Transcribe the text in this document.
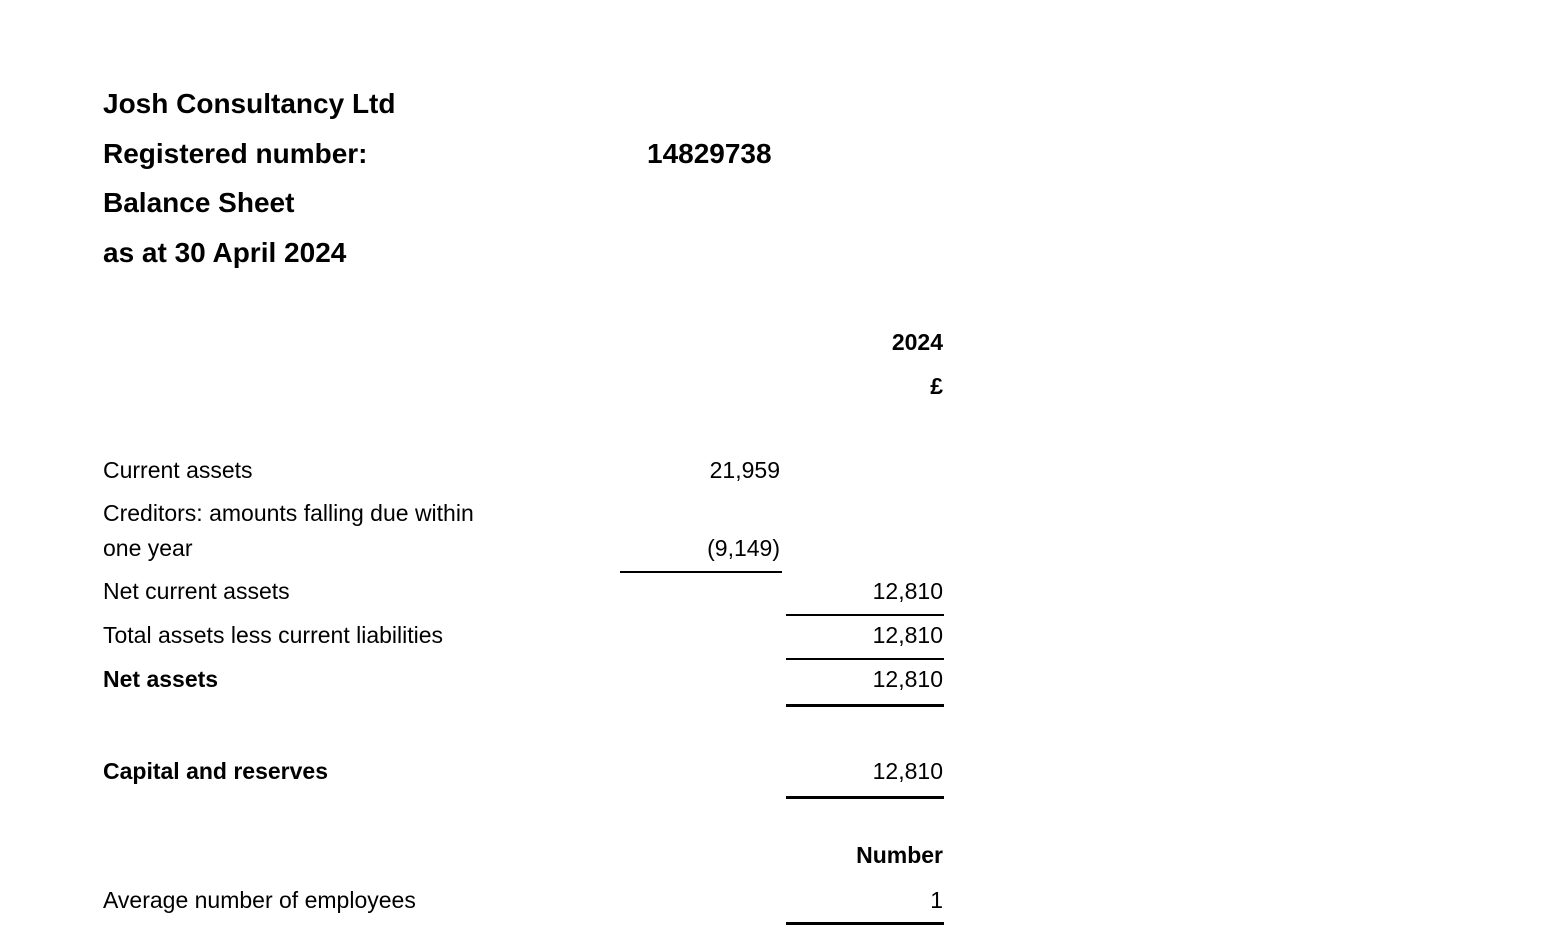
Josh Consultancy Ltd
Registered number:	14829738
Balance Sheet
as at 30 April 2024
2024
£
Current assets	21,959
Creditors: amounts falling due within
one year	(9,149)
Net current assets	12,810
Total assets less current liabilities	12,810
Net assets	12,810
Capital and reserves	12,810
Number
Average number of employees	1
